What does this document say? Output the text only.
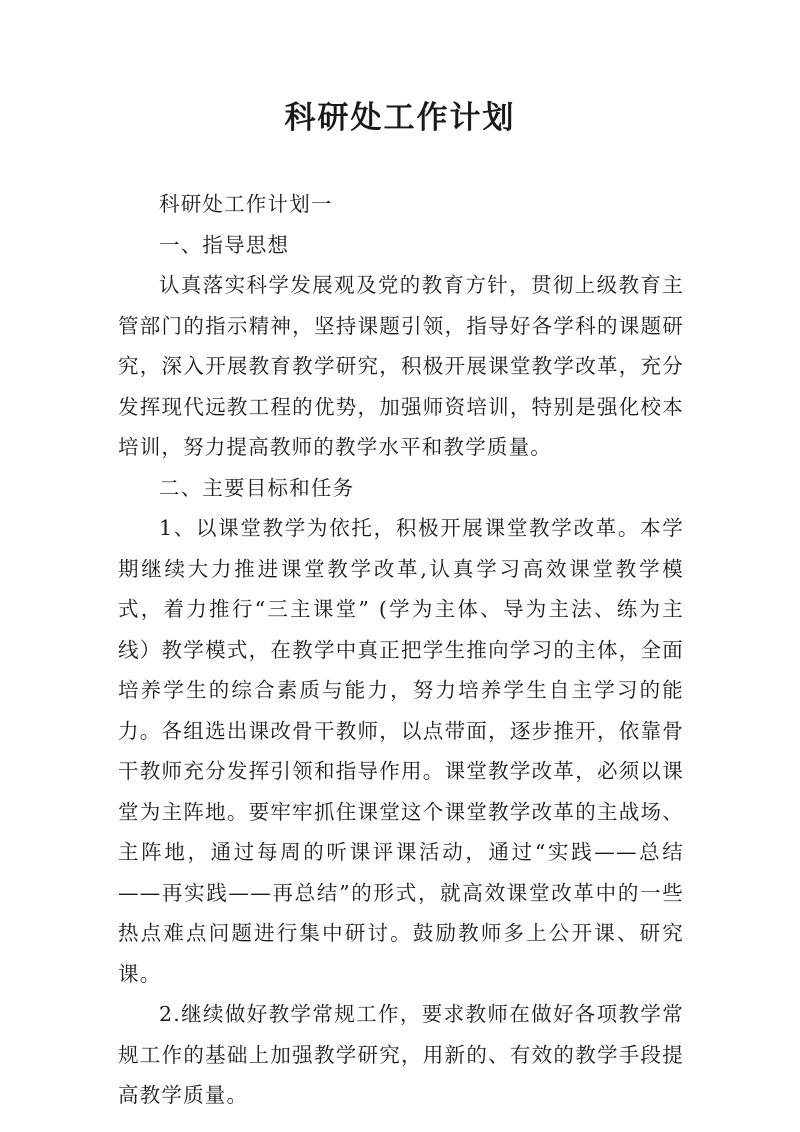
科研处工作计划

科研处工作计划一

一、指导思想

认真落实科学发展观及党的教育方针，贯彻上级教育主管部门的指示精神，坚持课题引领，指导好各学科的课题研究，深入开展教育教学研究，积极开展课堂教学改革，充分发挥现代远教工程的优势，加强师资培训，特别是强化校本培训，努力提高教师的教学水平和教学质量。

二、主要目标和任务

1、以课堂教学为依托，积极开展课堂教学改革。本学期继续大力推进课堂教学改革,认真学习高效课堂教学模式，着力推行“三主课堂” (学为主体、导为主法、练为主线）教学模式，在教学中真正把学生推向学习的主体，全面培养学生的综合素质与能力，努力培养学生自主学习的能力。各组选出课改骨干教师，以点带面，逐步推开，依靠骨干教师充分发挥引领和指导作用。课堂教学改革，必须以课堂为主阵地。要牢牢抓住课堂这个课堂教学改革的主战场、主阵地，通过每周的听课评课活动，通过“实践——总结——再实践——再总结”的形式，就高效课堂改革中的一些热点难点问题进行集中研讨。鼓励教师多上公开课、研究课。

2.继续做好教学常规工作，要求教师在做好各项教学常规工作的基础上加强教学研究，用新的、有效的教学手段提高教学质量。
